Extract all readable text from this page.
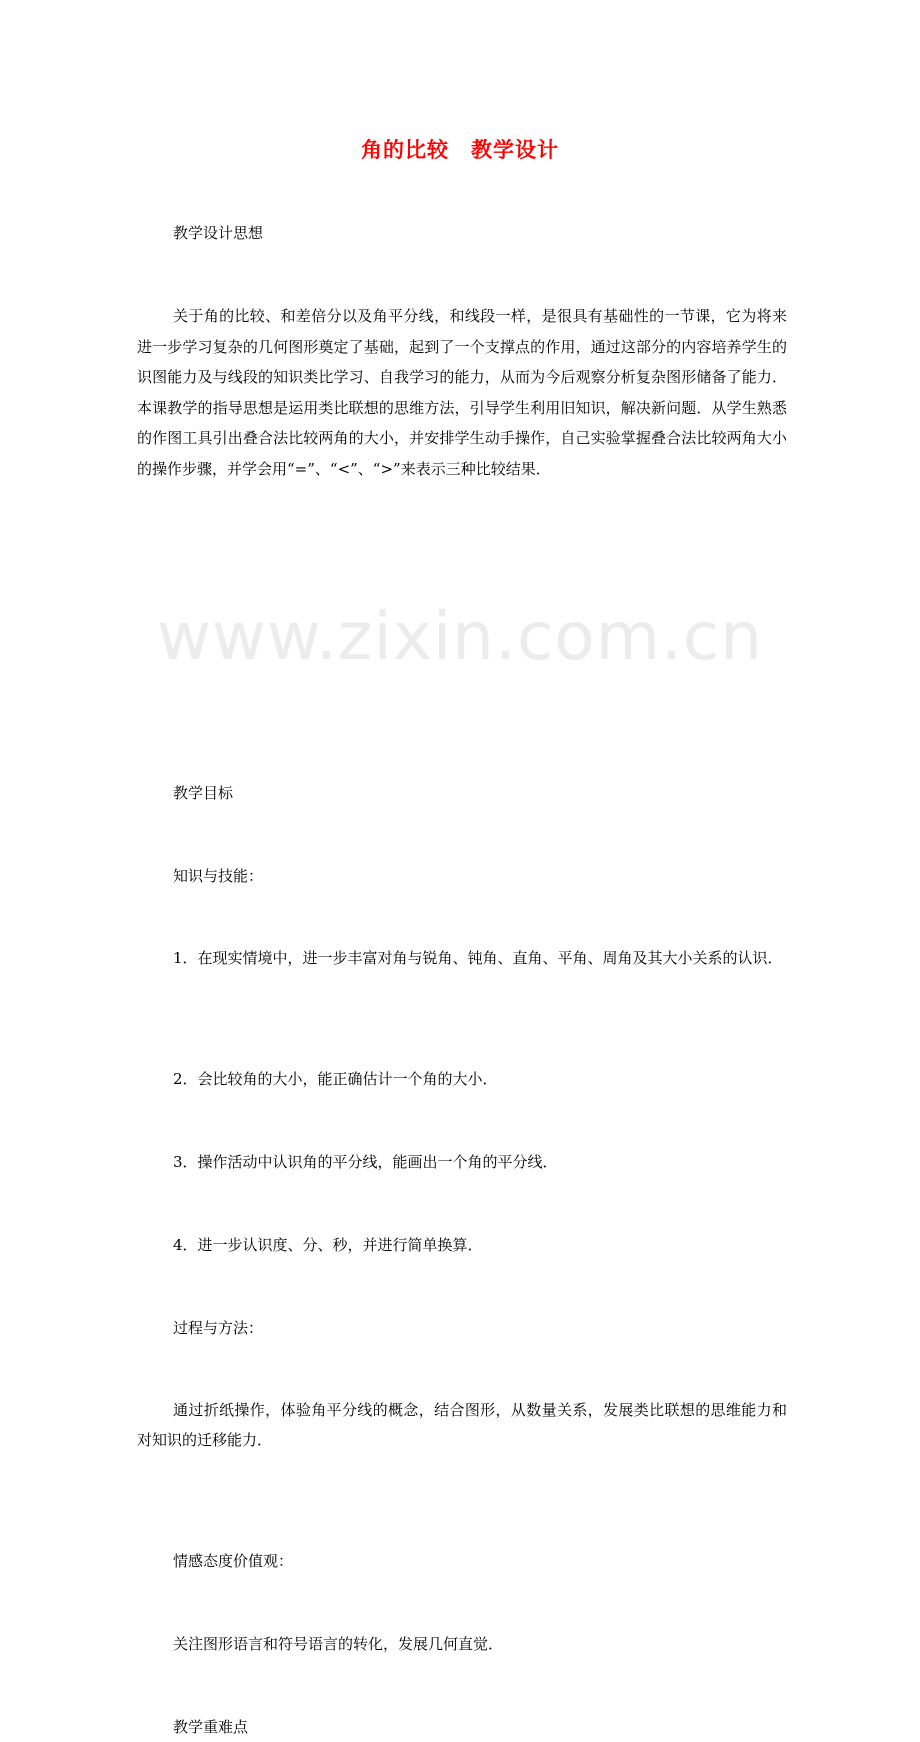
www.zixin.com.cn
角的比较　教学设计
教学设计思想
关于角的比较、和差倍分以及角平分线，和线段一样，是很具有基础性的一节课，它为将来进一步学习复杂的几何图形奠定了基础，起到了一个支撑点的作用，通过这部分的内容培养学生的识图能力及与线段的知识类比学习、自我学习的能力，从而为今后观察分析复杂图形储备了能力．本课教学的指导思想是运用类比联想的思维方法，引导学生利用旧知识，解决新问题．从学生熟悉的作图工具引出叠合法比较两角的大小，并安排学生动手操作，自己实验掌握叠合法比较两角大小的操作步骤，并学会用“=”、“<”、“>”来表示三种比较结果．
教学目标
知识与技能：
1．在现实情境中，进一步丰富对角与锐角、钝角、直角、平角、周角及其大小关系的认识．
2．会比较角的大小，能正确估计一个角的大小．
3．操作活动中认识角的平分线，能画出一个角的平分线．
4．进一步认识度、分、秒，并进行简单换算．
过程与方法：
通过折纸操作，体验角平分线的概念，结合图形，从数量关系，发展类比联想的思维能力和对知识的迁移能力．
情感态度价值观：
关注图形语言和符号语言的转化，发展几何直觉．
教学重难点
